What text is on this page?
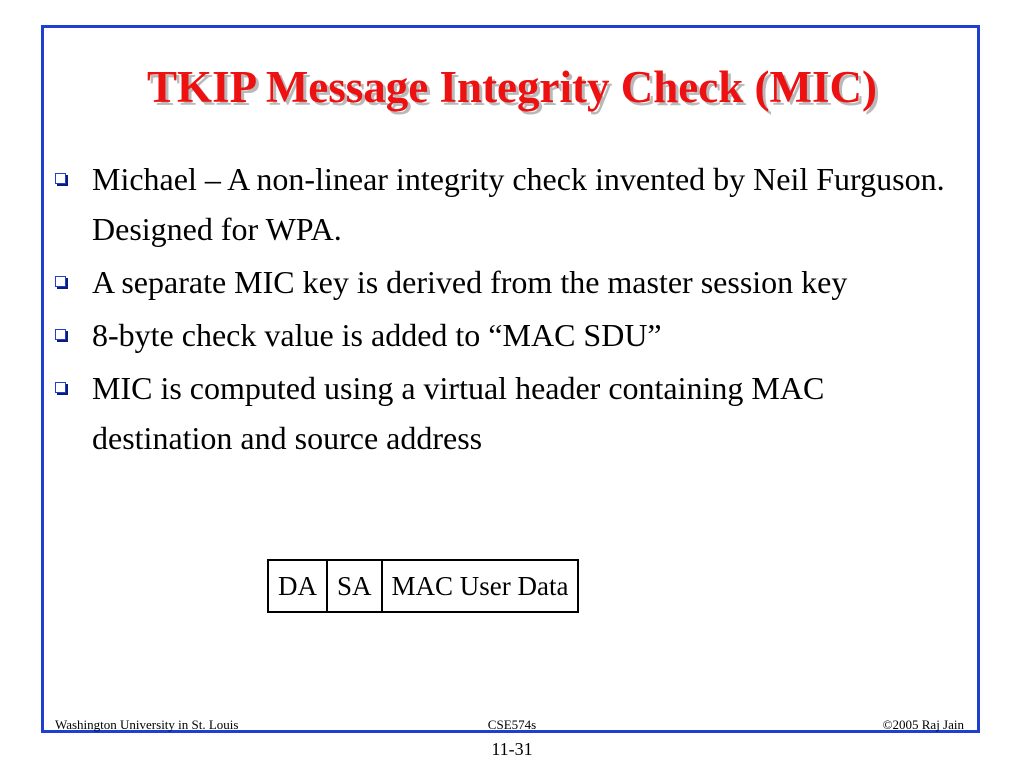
TKIP Message Integrity Check (MIC)
Michael – A non-linear integrity check invented by Neil Furguson. Designed for WPA.
A separate MIC key is derived from the master session key
8-byte check value is added to “MAC SDU”
MIC is computed using a virtual header containing MAC destination and source address
DA	SA	MAC User Data
Washington University in St. Louis	CSE574s	©2005 Raj Jain
11-31
